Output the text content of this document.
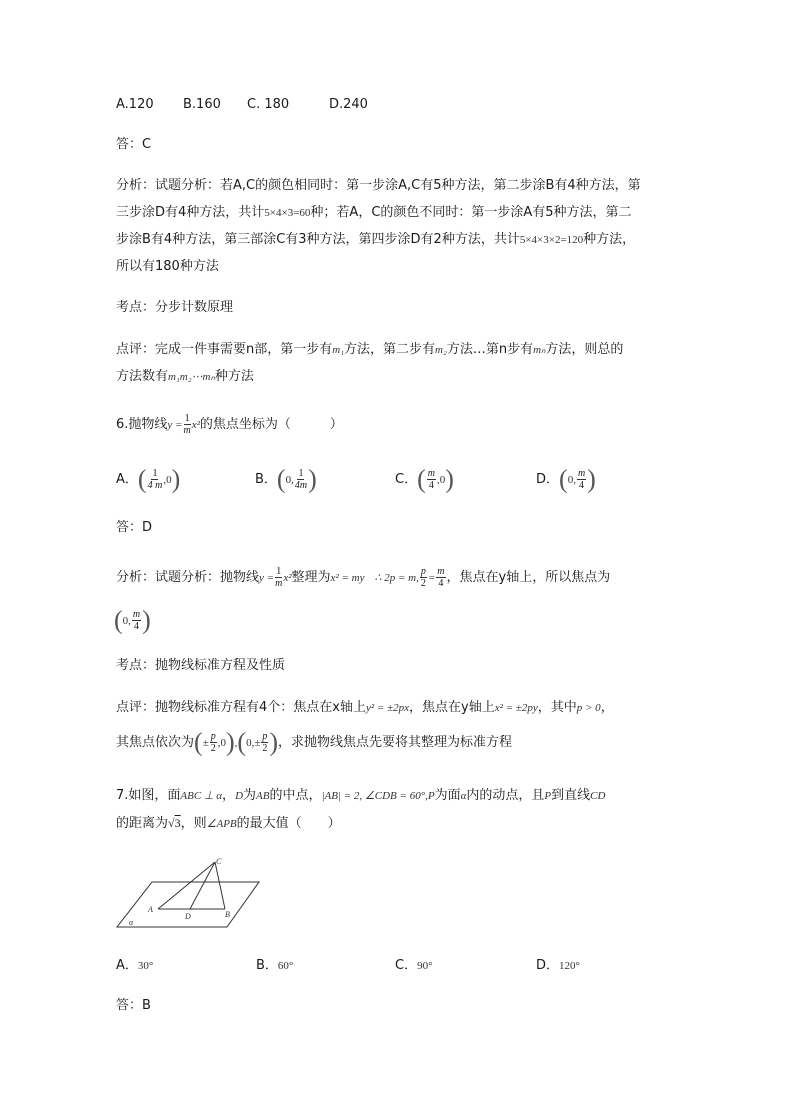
A.120 B.160 C. 180	D.240
答：C
分析：试题分析：若A,C的颜色相同时：第一步涂A,C有5种方法，第二步涂B有4种方法，第
三步涂D有4种方法，共计5×4×3=60种；若A，C的颜色不同时：第一步涂A有5种方法，第二
步涂B有4种方法，第三部涂C有3种方法，第四步涂D有2种方法，共计5×4×3×2=120种方法，
所以有180种方法
考点：分步计数原理
点评：完成一件事需要n部，第一步有m₁方法，第二步有m₂方法…第n步有mₙ方法，则总的
方法数有m₁m₂⋯mₙ种方法
6.抛物线$y = \frac{1}{m} x^2$的焦点坐标为（　　　）
A．( $\frac{1}{4 m} ,0$)	B．(0, $\frac{1}{4m}$ )	C．( $\frac{m}{4} ,0$)	D．(0, $\frac{m}{4}$ )
答：D
分析：试题分析：抛物线$y = \frac{1}{m} x^2$整理为x² = my ∴ 2p = m, $\frac{p}{2} = \frac{m}{4}$ ，焦点在y轴上，所以焦点为
(0, $\frac{m}{4}$ )
考点：抛物线标准方程及性质
点评：抛物线标准方程有4个：焦点在x轴上y² = ±2px，焦点在y轴上x² = ±2py，其中p > 0，
其焦点依次为(± $\frac{p}{2} ,0),(0,\pm \frac{p}{2}$ )，求抛物线焦点先要将其整理为标准方程
7.如图，面ABC ⊥ α，D为AB的中点，|AB| = 2, ∠CDB = 60°,P为面α内的动点，且P到直线CD
的距离为√3，则∠APB的最大值（　　）
C
A
D	B
α
A．30°	B．60°	C．90°	D．120°
答：B
